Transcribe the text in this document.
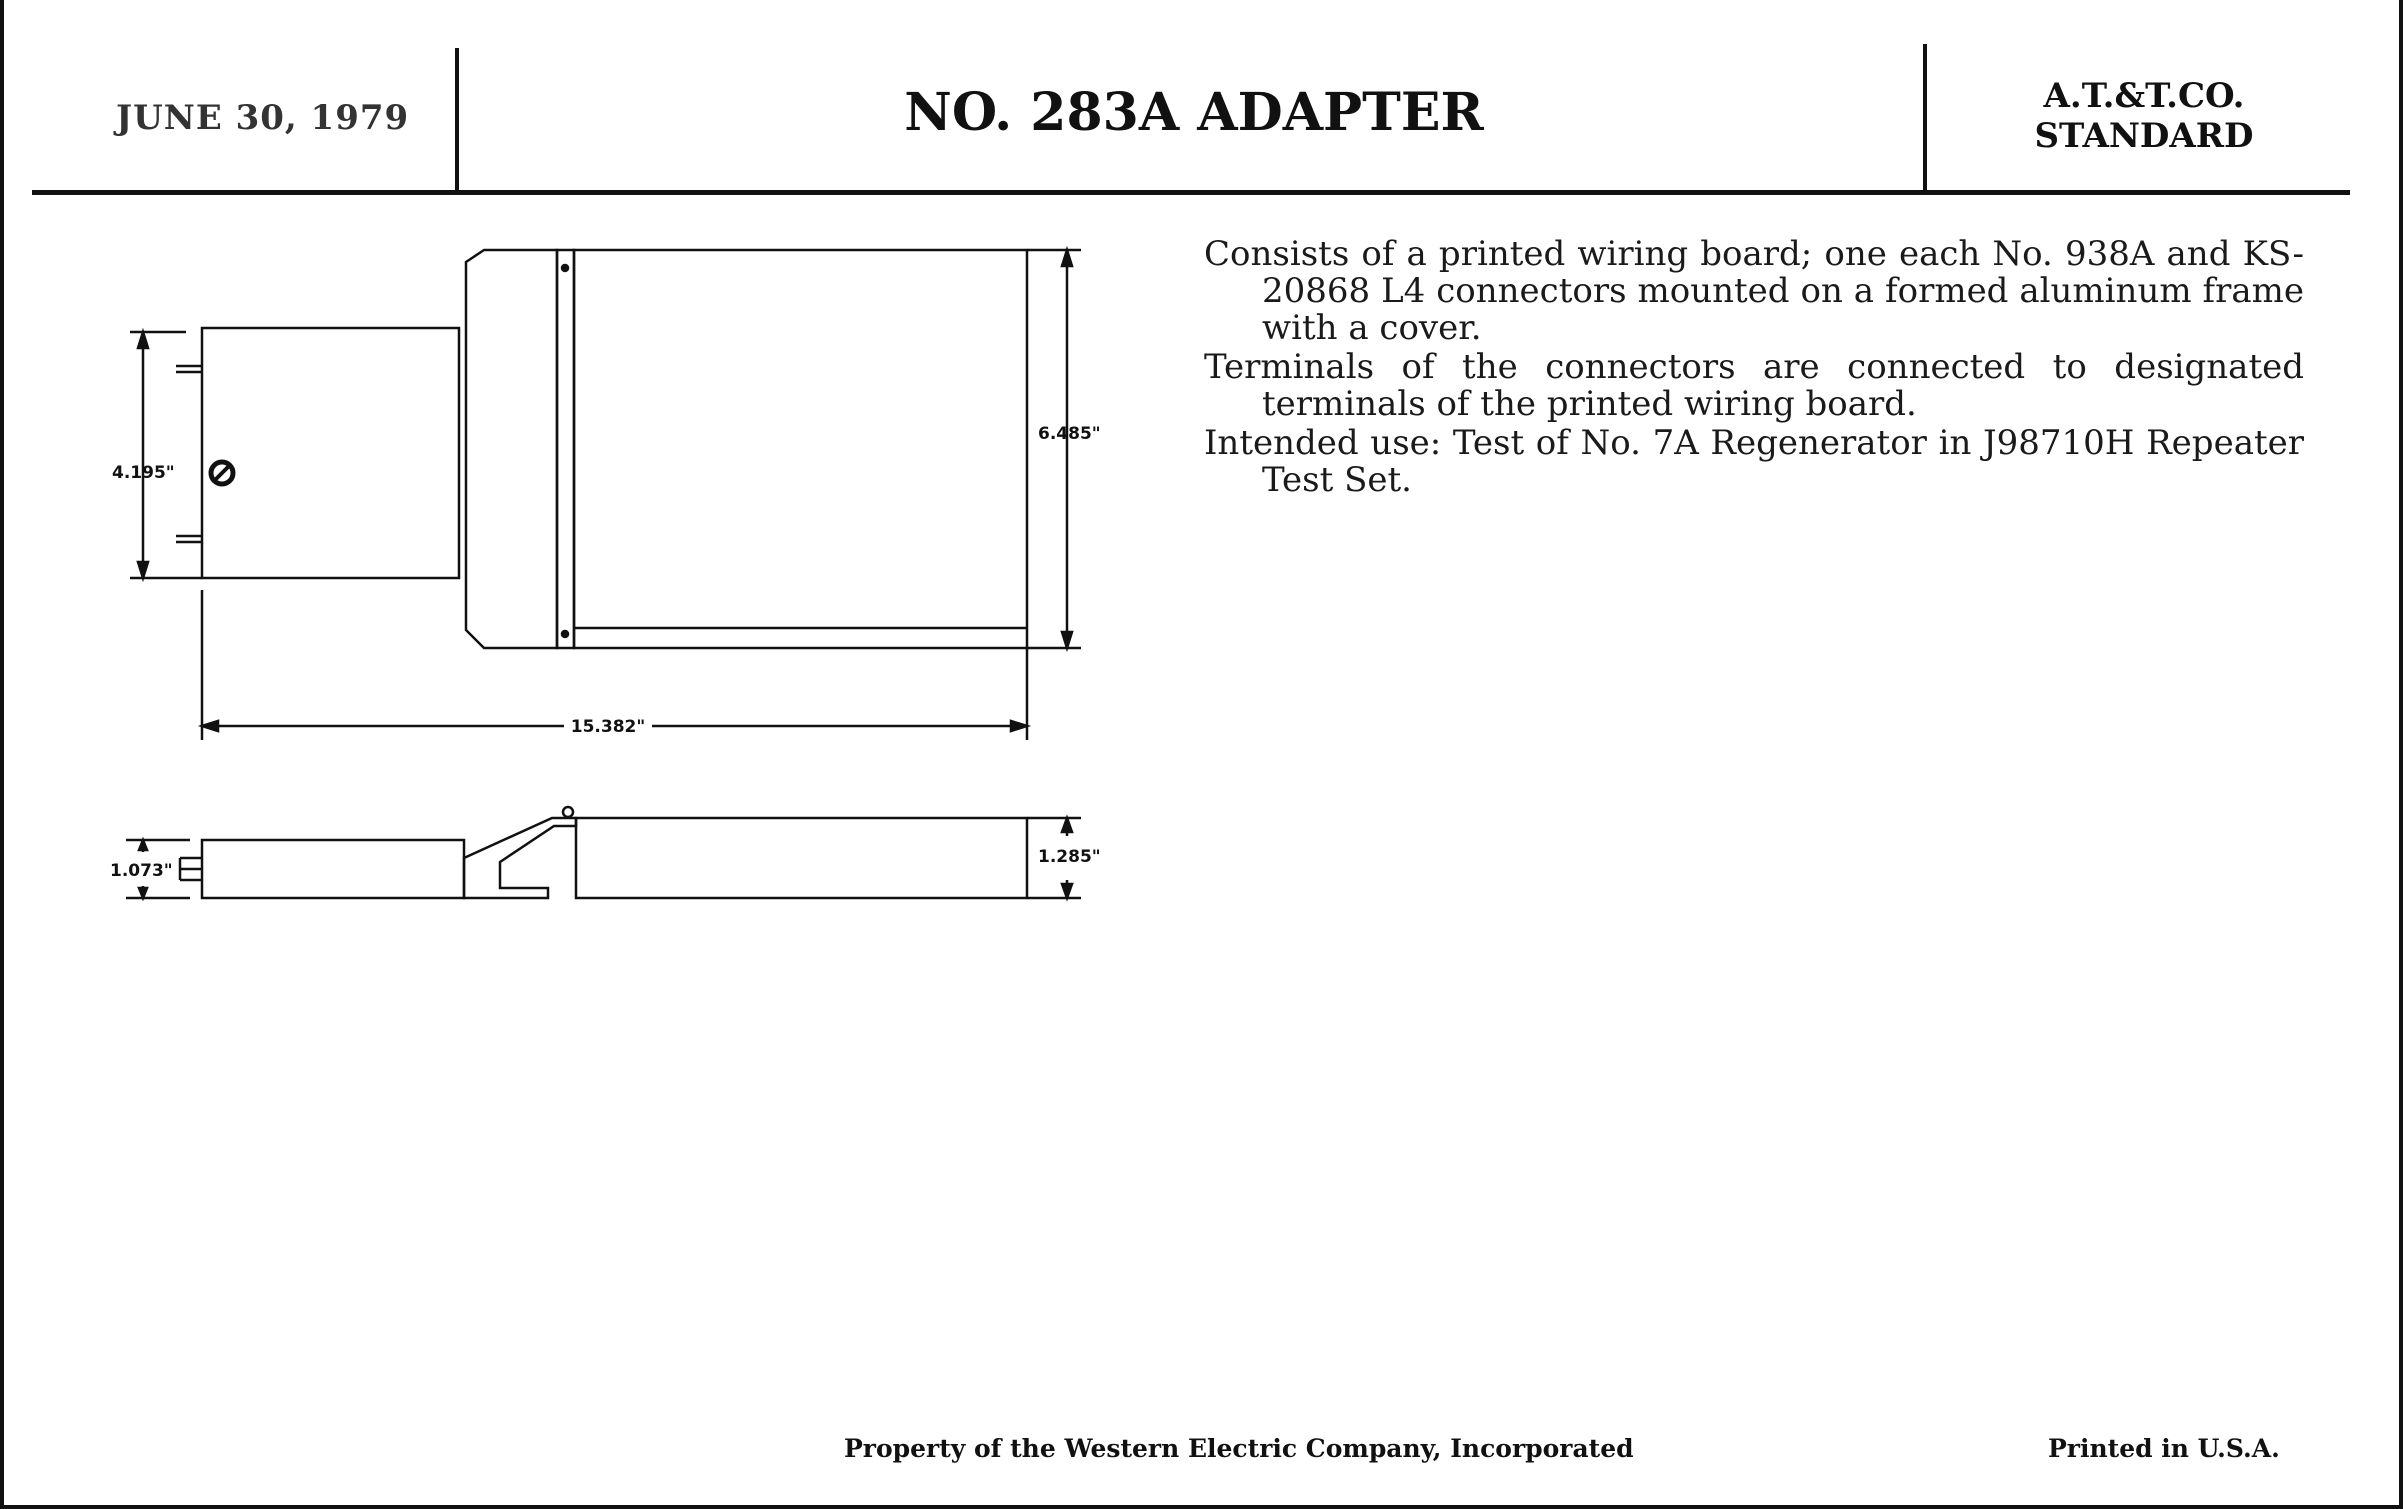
JUNE 30, 1979	NO. 283A ADAPTER	A.T.&T.CO.
STANDARD
4.195"
6.485"
15.382"
1.073"
1.285"

Consists of a printed wiring board; one each No. 938A and KS-20868 L4 connectors mounted on a formed aluminum frame with a cover.

Terminals of the connectors are connected to designated terminals of the printed wiring board.

Intended use: Test of No. 7A Regenerator in J98710H Repeater Test Set.

Property of the Western Electric Company, Incorporated	Printed in U.S.A.
